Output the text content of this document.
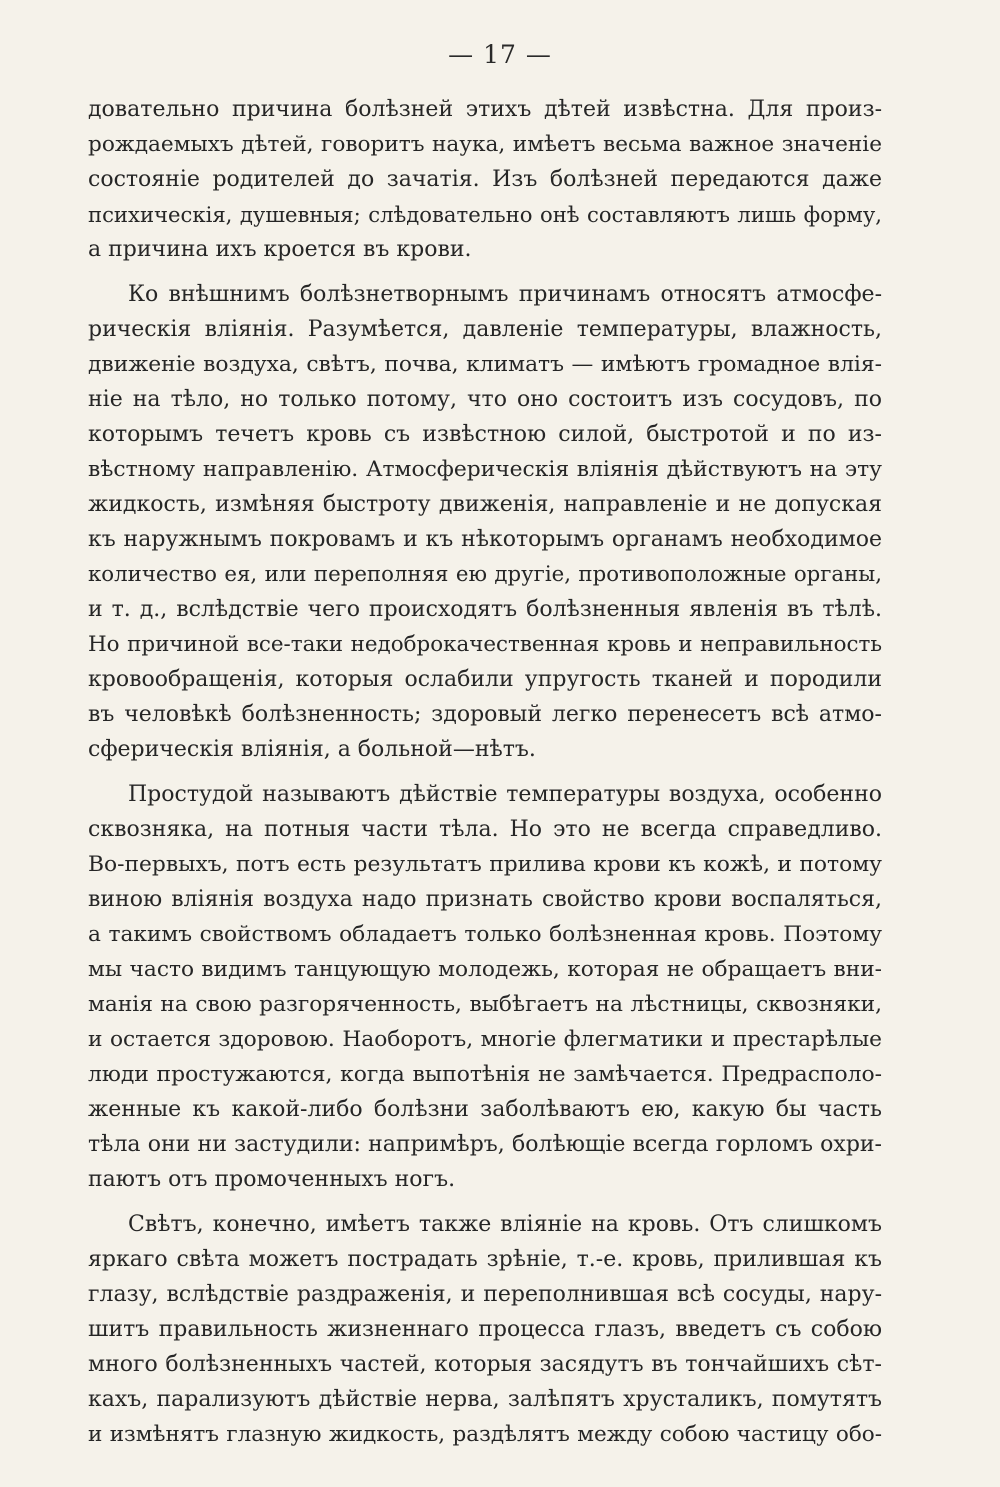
— 17 —
довательно причина болѣзней этихъ дѣтей извѣстна. Для произ-
рождаемыхъ дѣтей, говоритъ наука, имѣетъ весьма важное значеніе
состояніе родителей до зачатія. Изъ болѣзней передаются даже
психическія, душевныя; слѣдовательно онѣ составляютъ лишь форму,
а причина ихъ кроется въ крови.
Ко внѣшнимъ болѣзнетворнымъ причинамъ относятъ атмосфе-
рическія вліянія. Разумѣется, давленіе температуры, влажность,
движеніе воздуха, свѣтъ, почва, климатъ — имѣютъ громадное влія-
ніе на тѣло, но только потому, что оно состоитъ изъ сосудовъ, по
которымъ течетъ кровь съ извѣстною силой, быстротой и по из-
вѣстному направленію. Атмосферическія вліянія дѣйствуютъ на эту
жидкость, измѣняя быстроту движенія, направленіе и не допуская
къ наружнымъ покровамъ и къ нѣкоторымъ органамъ необходимое
количество ея, или переполняя ею другіе, противоположные органы,
и т. д., вслѣдствіе чего происходятъ болѣзненныя явленія въ тѣлѣ.
Но причиной все-таки недоброкачественная кровь и неправильность
кровообращенія, которыя ослабили упругость тканей и породили
въ человѣкѣ болѣзненность; здоровый легко перенесетъ всѣ атмо-
сферическія вліянія, а больной—нѣтъ.
Простудой называютъ дѣйствіе температуры воздуха, особенно
сквозняка, на потныя части тѣла. Но это не всегда справедливо.
Во-первыхъ, потъ есть результатъ прилива крови къ кожѣ, и потому
виною вліянія воздуха надо признать свойство крови воспаляться,
а такимъ свойствомъ обладаетъ только болѣзненная кровь. Поэтому
мы часто видимъ танцующую молодежь, которая не обращаетъ вни-
манія на свою разгоряченность, выбѣгаетъ на лѣстницы, сквозняки,
и остается здоровою. Наоборотъ, многіе флегматики и престарѣлые
люди простужаются, когда выпотѣнія не замѣчается. Предрасполо-
женные къ какой-либо болѣзни заболѣваютъ ею, какую бы часть
тѣла они ни застудили: напримѣръ, болѣющіе всегда горломъ охри-
паютъ отъ промоченныхъ ногъ.
Свѣтъ, конечно, имѣетъ также вліяніе на кровь. Отъ слишкомъ
яркаго свѣта можетъ пострадать зрѣніе, т.-е. кровь, прилившая къ
глазу, вслѣдствіе раздраженія, и переполнившая всѣ сосуды, нару-
шитъ правильность жизненнаго процесса глазъ, введетъ съ собою
много болѣзненныхъ частей, которыя засядутъ въ тончайшихъ сѣт-
кахъ, парализуютъ дѣйствіе нерва, залѣпятъ хрусталикъ, помутятъ
и измѣнятъ глазную жидкость, раздѣлятъ между собою частицу обо-
